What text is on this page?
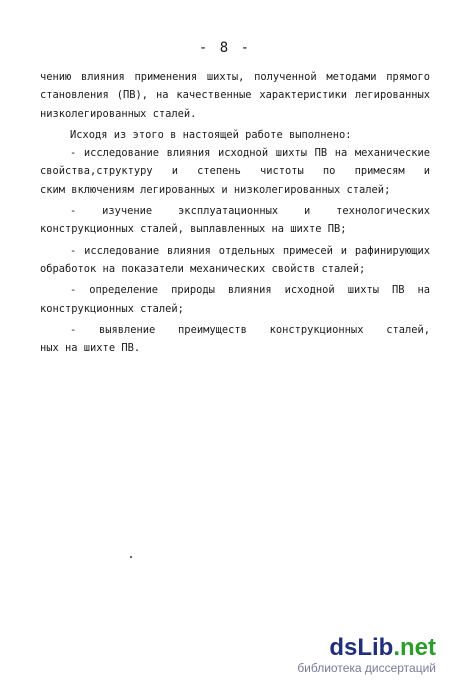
- 8 -
чению влияния применения шихты, полученной методами прямого
становления (ПВ), на качественные характеристики легированных
низколегированных сталей.
Исходя из этого в настоящей работе выполнено:
- исследование влияния исходной шихты ПВ на механические
свойства,структуру и степень чистоты по примесям и
ским включениям легированных и низколегированных сталей;
- изучение эксплуатационных и технологических
конструкционных сталей, выплавленных на шихте ПВ;
- исследование влияния отдельных примесей и рафинирующих
обработок на показатели механических свойств сталей;
- определение природы влияния исходной шихты ПВ на
конструкционных сталей;
- выявление преимуществ конструкционных сталей,
ных на шихте ПВ.
dsLib.net
библиотека диссертаций
